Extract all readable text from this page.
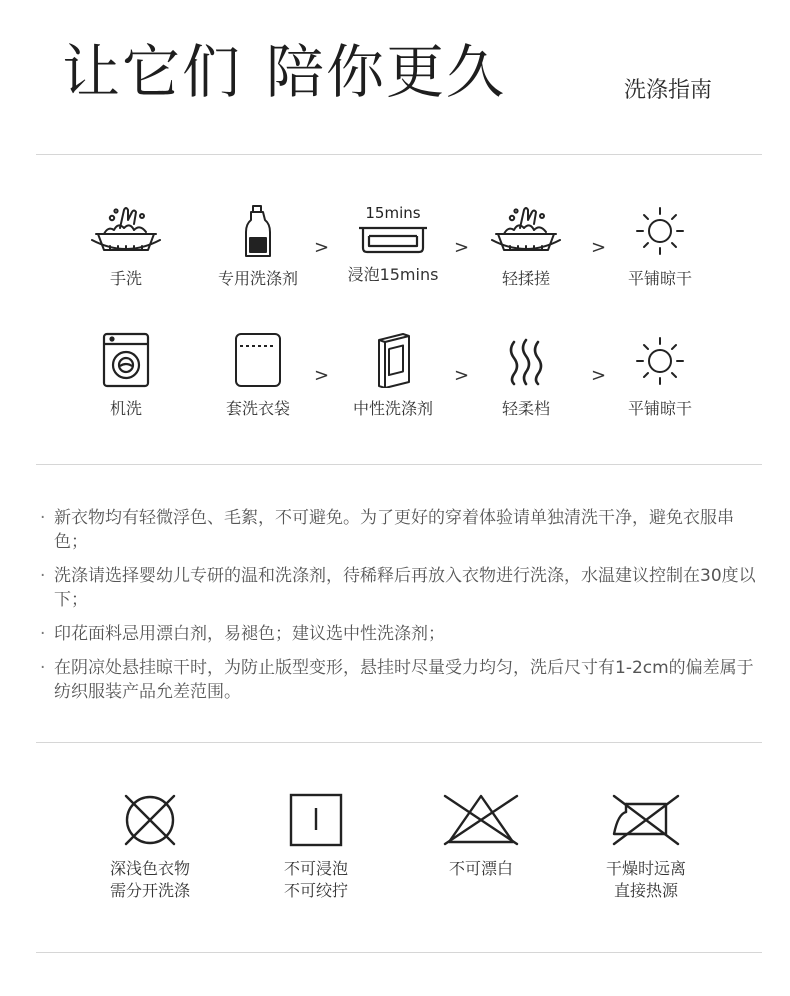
让它们 陪你更久	洗涤指南
手洗	专用洗涤剂
>
15mins
浸泡15mins
>
轻揉搓
>
平铺晾干
机洗	套洗衣袋
>
中性洗涤剂
>
轻柔档
>
平铺晾干
· 新衣物均有轻微浮色、毛絮，不可避免。为了更好的穿着体验请单独清洗干净，避免衣服串色；
· 洗涤请选择婴幼儿专研的温和洗涤剂，待稀释后再放入衣物进行洗涤，水温建议控制在30度以下；
· 印花面料忌用漂白剂，易褪色；建议选中性洗涤剂；
· 在阴凉处悬挂晾干时，为防止版型变形，悬挂时尽量受力均匀，洗后尺寸有1-2cm的偏差属于纺织服装产品允差范围。
深浅色衣物
需分开洗涤
不可浸泡
不可绞拧
不可漂白	干燥时远离
直接热源
